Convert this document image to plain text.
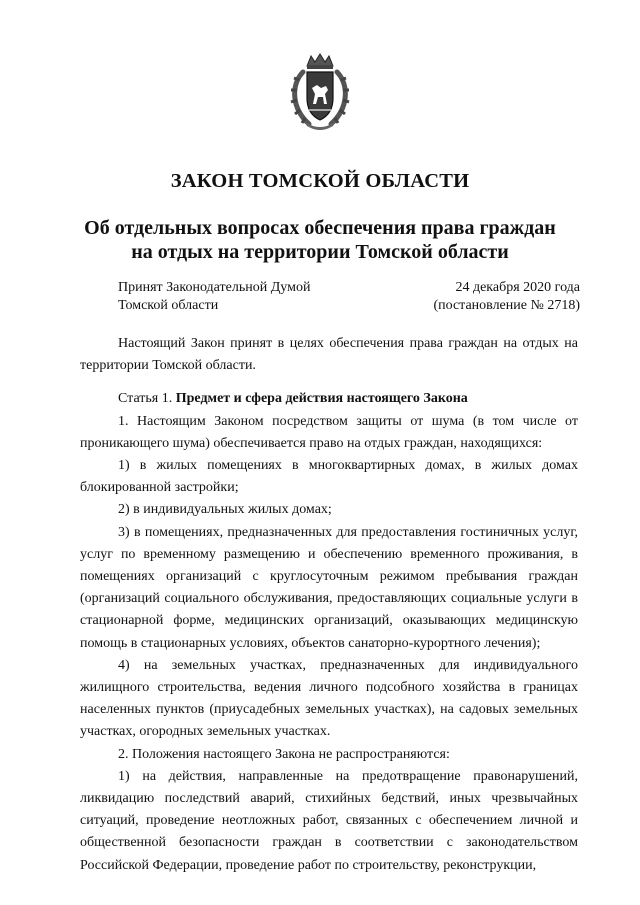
ЗАКОН ТОМСКОЙ ОБЛАСТИ
Об отдельных вопросах обеспечения права граждан
на отдых на территории Томской области
Принят Законодательной Думой
Томской области
24 декабря 2020 года
(постановление № 2718)

Настоящий Закон принят в целях обеспечения права граждан на отдых на территории Томской области.

Статья 1. Предмет и сфера действия настоящего Закона

1. Настоящим Законом посредством защиты от шума (в том числе от проникающего шума) обеспечивается право на отдых граждан, находящихся:

1) в жилых помещениях в многоквартирных домах, в жилых домах блокированной застройки;

2) в индивидуальных жилых домах;

3) в помещениях, предназначенных для предоставления гостиничных услуг, услуг по временному размещению и обеспечению временного проживания, в помещениях организаций с круглосуточным режимом пребывания граждан (организаций социального обслуживания, предоставляющих социальные услуги в стационарной форме, медицинских организаций, оказывающих медицинскую помощь в стационарных условиях, объектов санаторно-курортного лечения);

4) на земельных участках, предназначенных для индивидуального жилищного строительства, ведения личного подсобного хозяйства в границах населенных пунктов (приусадебных земельных участках), на садовых земельных участках, огородных земельных участках.

2. Положения настоящего Закона не распространяются:

1) на действия, направленные на предотвращение правонарушений, ликвидацию последствий аварий, стихийных бедствий, иных чрезвычайных ситуаций, проведение неотложных работ, связанных с обеспечением личной и общественной безопасности граждан в соответствии с законодательством Российской Федерации, проведение работ по строительству, реконструкции,
